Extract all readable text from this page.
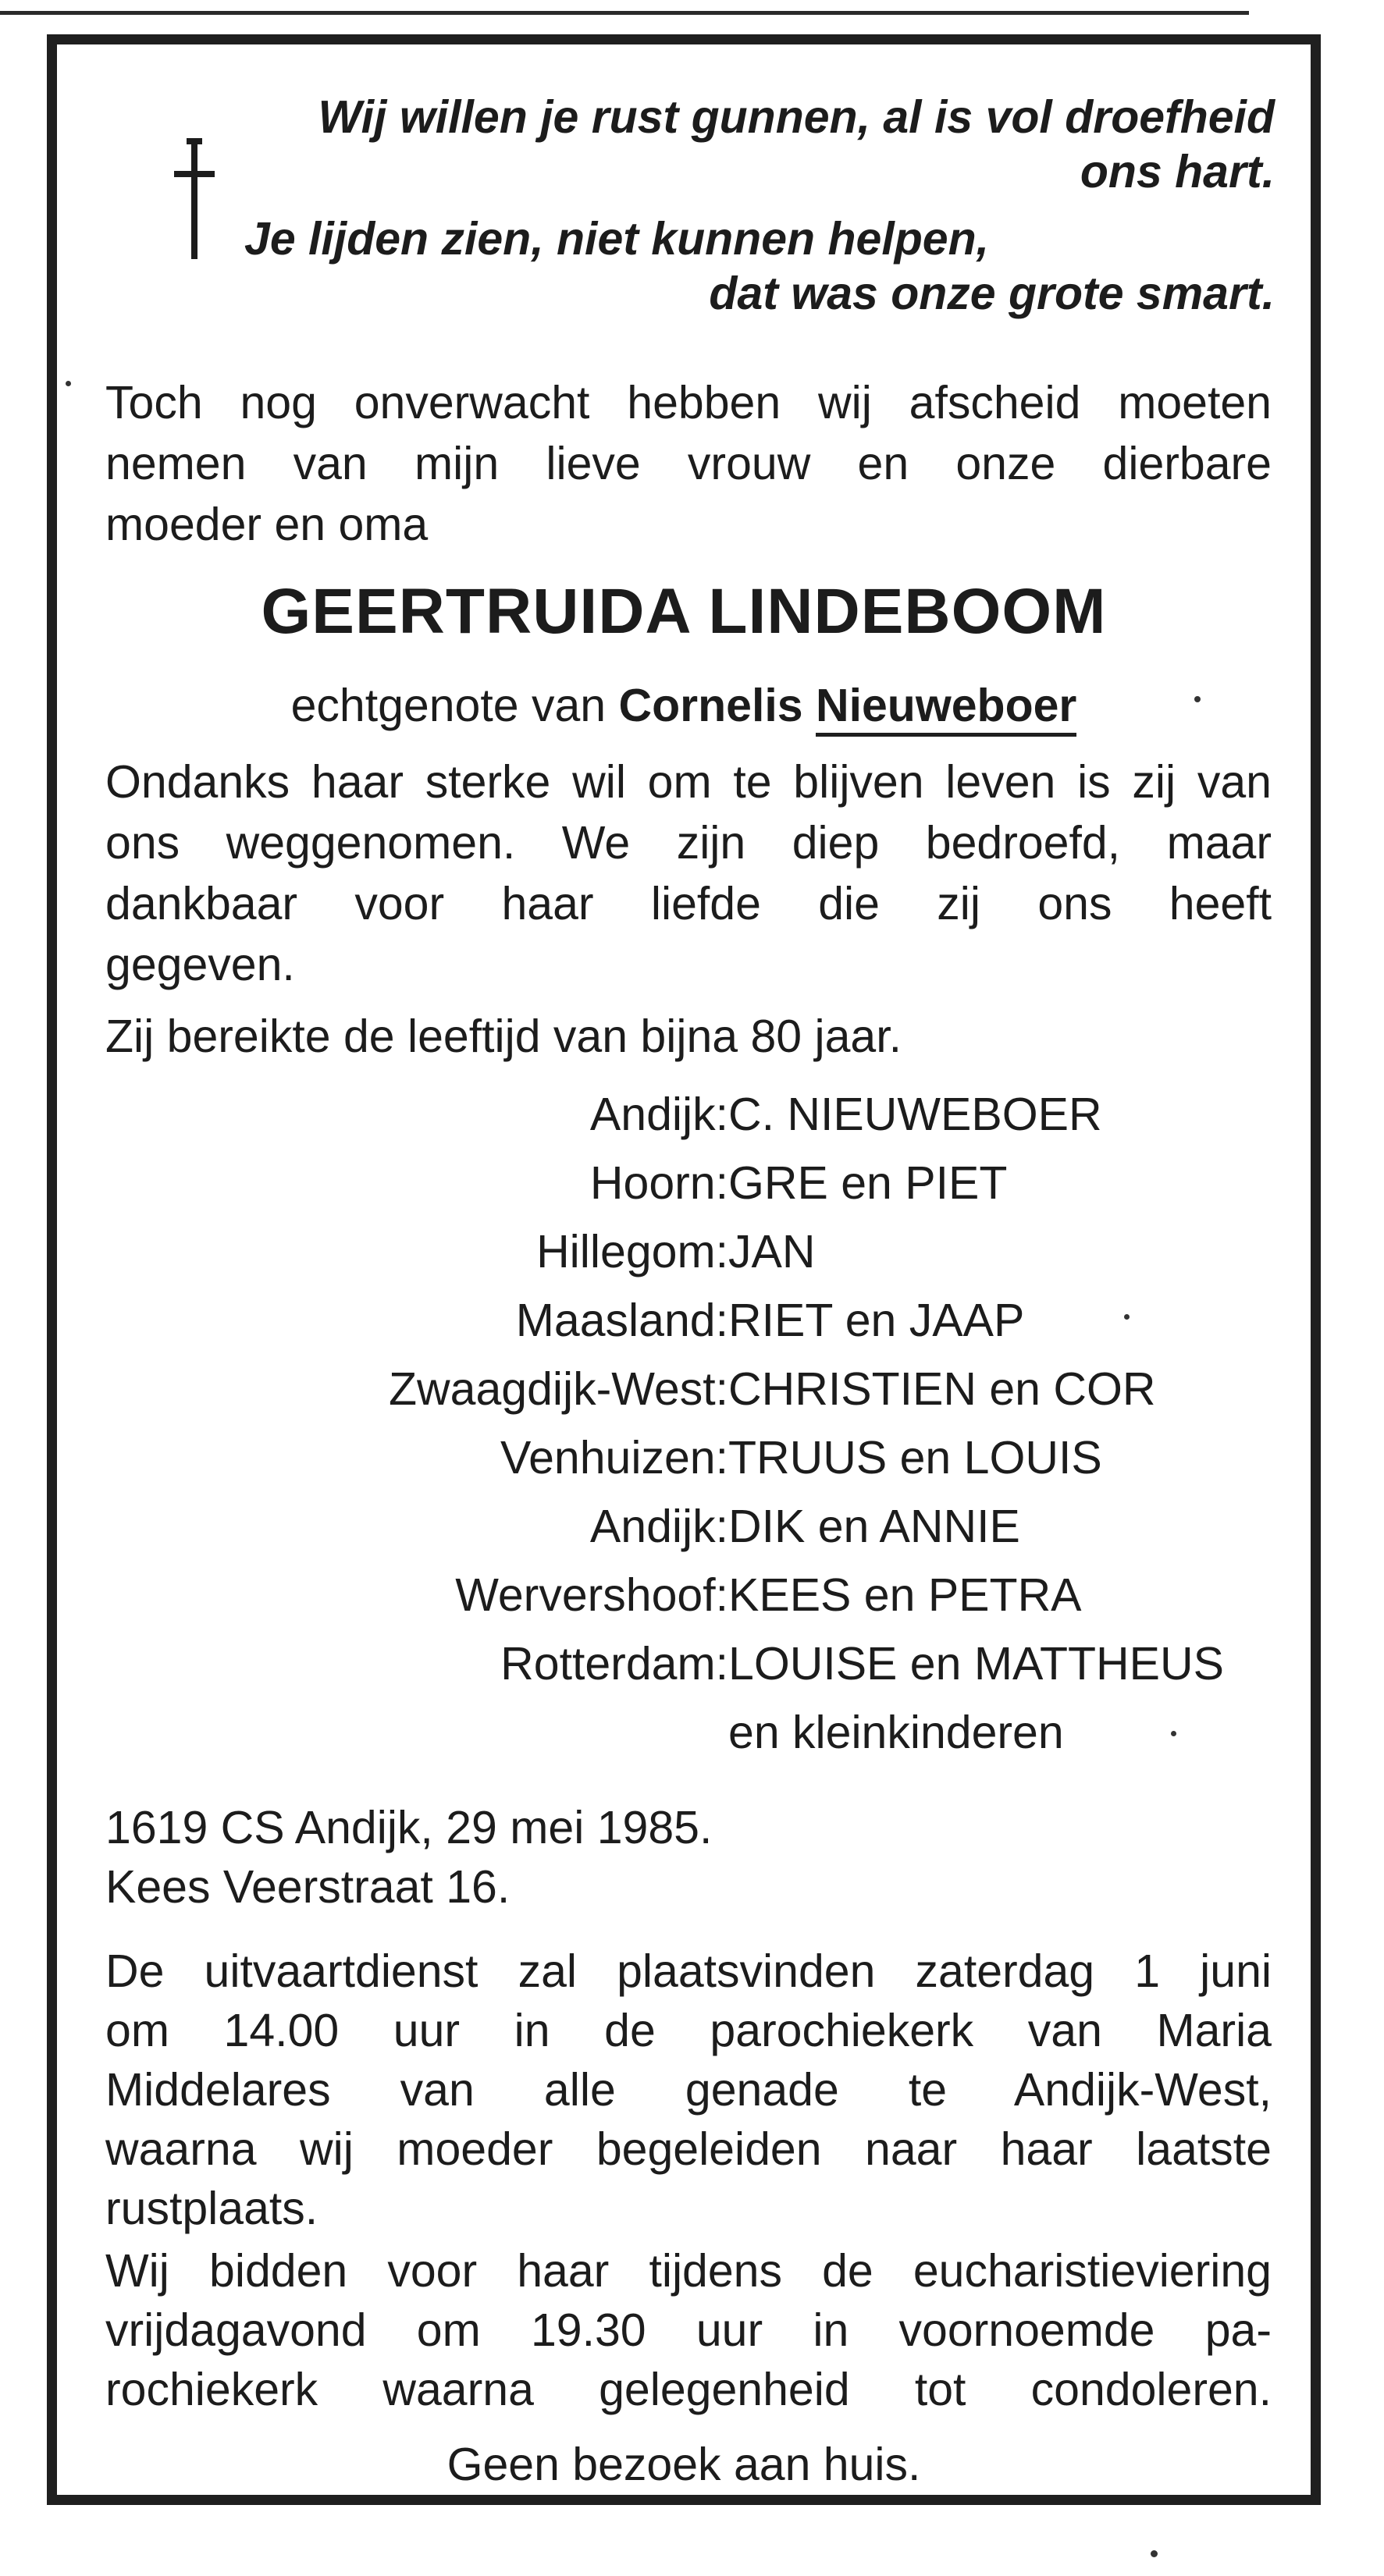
Wij willen je rust gunnen, al is vol droefheid
ons hart.
Je lijden zien, niet kunnen helpen,
dat was onze grote smart.
Toch nog onverwacht hebben wij afscheid moeten
nemen van mijn lieve vrouw en onze dierbare
moeder en oma
GEERTRUIDA LINDEBOOM
echtgenote van Cornelis Nieuweboer
Ondanks haar sterke wil om te blijven leven is zij van
ons weggenomen. We zijn diep bedroefd, maar
dankbaar voor haar liefde die zij ons heeft
gegeven.
Zij bereikte de leeftijd van bijna 80 jaar.
Andijk: C. NIEUWEBOER
Hoorn: GRE en PIET
Hillegom: JAN
Maasland: RIET en JAAP
Zwaagdijk-West: CHRISTIEN en COR
Venhuizen: TRUUS en LOUIS
Andijk: DIK en ANNIE
Wervershoof: KEES en PETRA
Rotterdam: LOUISE en MATTHEUS
en kleinkinderen
1619 CS Andijk, 29 mei 1985.
Kees Veerstraat 16.
De uitvaartdienst zal plaatsvinden zaterdag 1 juni
om 14.00 uur in de parochiekerk van Maria
Middelares van alle genade te Andijk-West,
waarna wij moeder begeleiden naar haar laatste
rustplaats.
Wij bidden voor haar tijdens de eucharistieviering
vrijdagavond om 19.30 uur in voornoemde pa-
rochiekerk waarna gelegenheid tot condoleren.
Geen bezoek aan huis.
